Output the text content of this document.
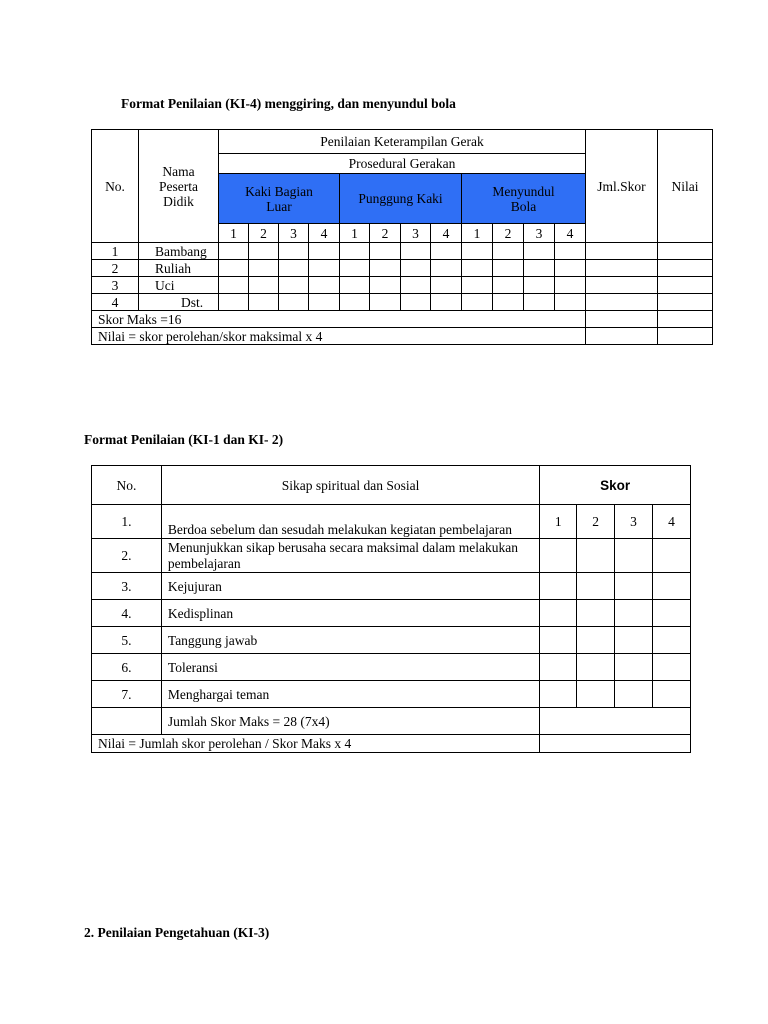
Format Penilaian (KI-4) menggiring, dan menyundul bola
No.	Nama Peserta Didik	Penilaian Keterampilan Gerak												Jml.Skor	Nilai
		Prosedural Gerakan													
		Kaki Bagian Luar				Punggung Kaki				Menyundul Bola					
		1	2	3	4	1	2	3	4	1	2	3	4		
1	Bambang														
2	Ruliah														
3	Uci														
4	Dst.														
Skor Maks =16															
Nilai = skor perolehan/skor maksimal x 4															
Format Penilaian (KI-1 dan KI- 2)
No.	Sikap spiritual dan Sosial	Skor			
1.	Berdoa sebelum dan sesudah melakukan kegiatan pembelajaran	1	2	3	4
2.	Menunjukkan sikap berusaha secara maksimal dalam melakukan pembelajaran				
3.	Kejujuran				
4.	Kedisplinan				
5.	Tanggung jawab				
6.	Toleransi				
7.	Menghargai teman				
	Jumlah Skor Maks = 28 (7x4)				
Nilai = Jumlah skor perolehan / Skor Maks x 4					
2. Penilaian Pengetahuan (KI-3)
